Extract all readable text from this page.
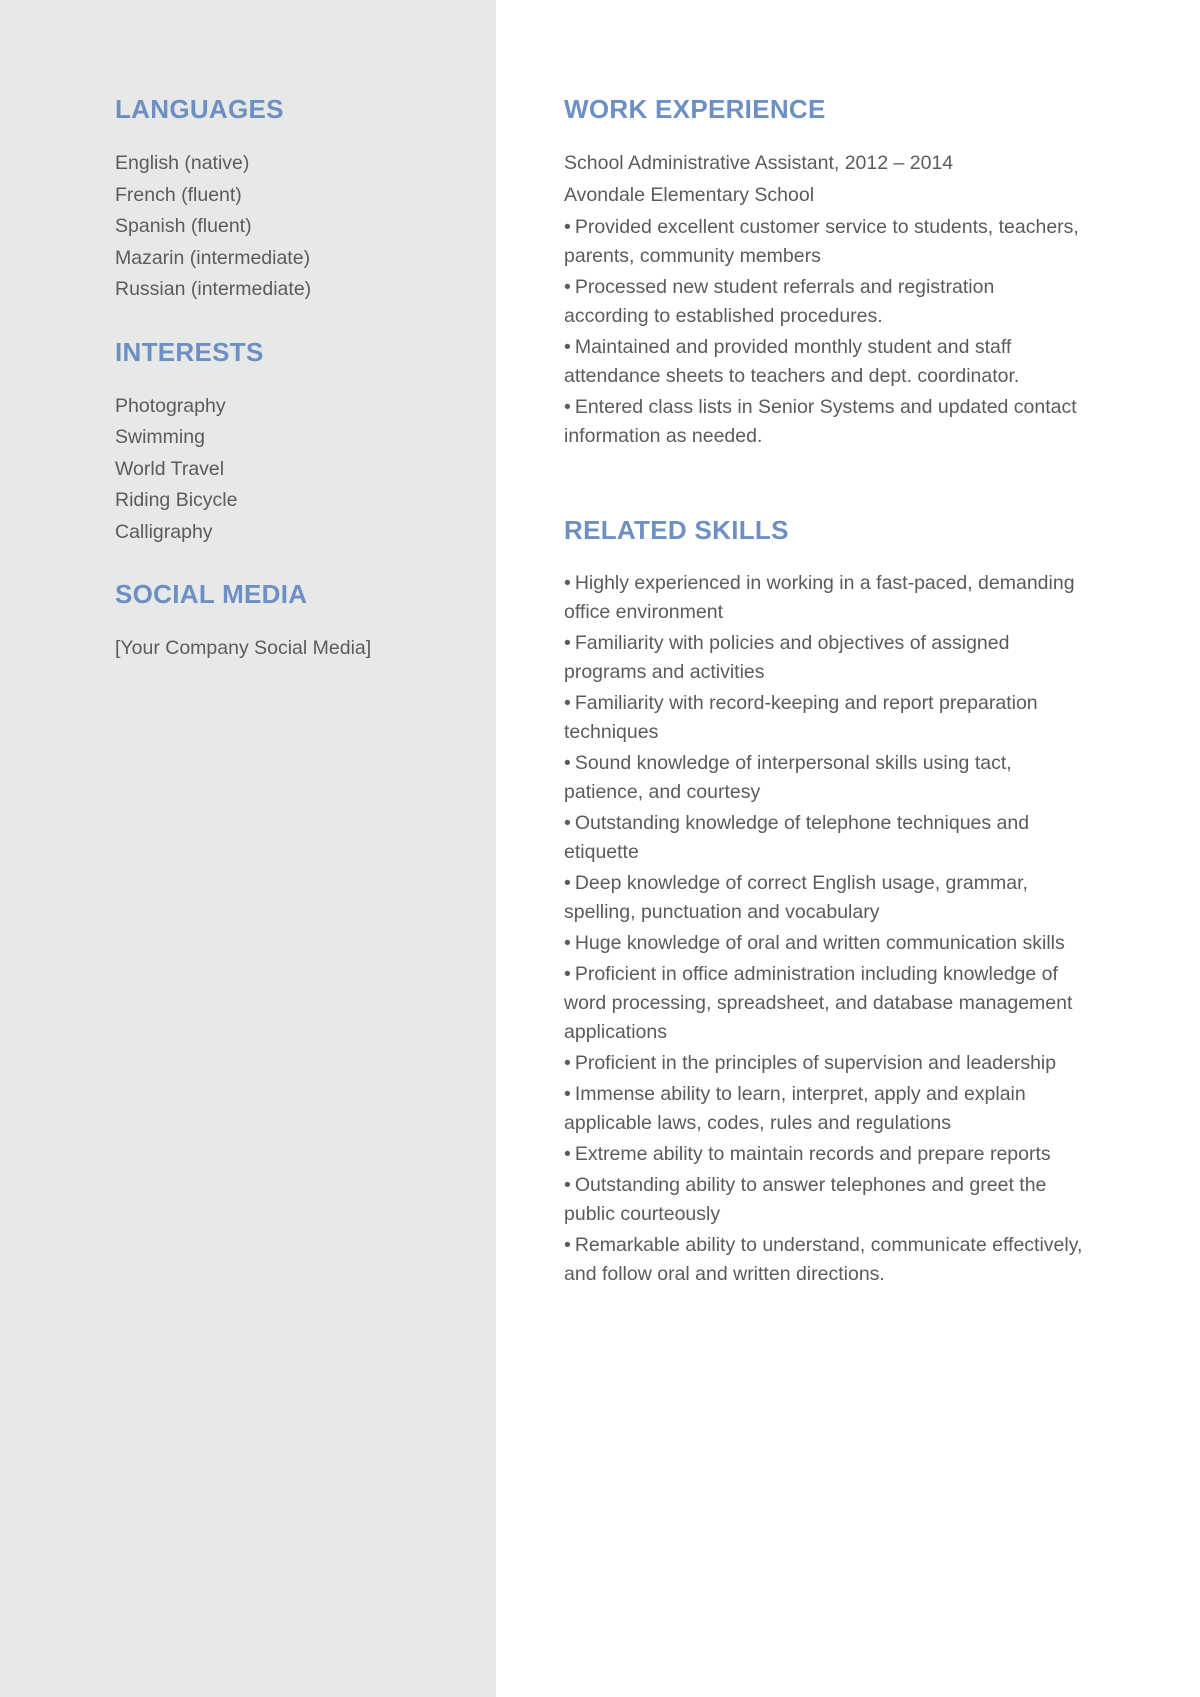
LANGUAGES
English (native)
French (fluent)
Spanish (fluent)
Mazarin (intermediate)
Russian (intermediate)
INTERESTS
Photography
Swimming
World Travel
Riding Bicycle
Calligraphy
SOCIAL MEDIA
[Your Company Social Media]
WORK EXPERIENCE
School Administrative Assistant, 2012 – 2014
Avondale Elementary School
• Provided excellent customer service to students, teachers, parents, community members
• Processed new student referrals and registration according to established procedures.
• Maintained and provided monthly student and staff attendance sheets to teachers and dept. coordinator.
• Entered class lists in Senior Systems and updated contact information as needed.
RELATED SKILLS
• Highly experienced in working in a fast-paced, demanding office environment
• Familiarity with policies and objectives of assigned programs and activities
• Familiarity with record-keeping and report preparation techniques
• Sound knowledge of interpersonal skills using tact, patience, and courtesy
• Outstanding knowledge of telephone techniques and etiquette
• Deep knowledge of correct English usage, grammar, spelling, punctuation and vocabulary
• Huge knowledge of oral and written communication skills
• Proficient in office administration including knowledge of word processing, spreadsheet, and database management applications
• Proficient in the principles of supervision and leadership
• Immense ability to learn, interpret, apply and explain applicable laws, codes, rules and regulations
• Extreme ability to maintain records and prepare reports
• Outstanding ability to answer telephones and greet the public courteously
• Remarkable ability to understand, communicate effectively, and follow oral and written directions.
